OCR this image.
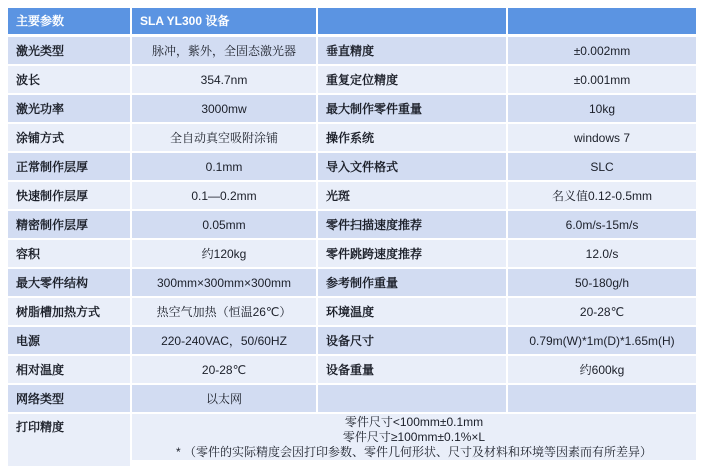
主要参数	SLA YL300 设备
激光类型	脉冲，紫外，全固态激光器	垂直精度	±0.002mm
波长	354.7nm	重复定位精度	±0.001mm
激光功率	3000mw	最大制作零件重量	10kg
涂铺方式	全自动真空吸附涂铺	操作系统	windows 7
正常制作层厚	0.1mm	导入文件格式	SLC
快速制作层厚	0.1—0.2mm	光斑	名义值0.12-0.5mm
精密制作层厚	0.05mm	零件扫描速度推荐	6.0m/s-15m/s
容积	约120kg	零件跳跨速度推荐	12.0/s
最大零件结构	300mm×300mm×300mm	参考制作重量	50-180g/h
树脂槽加热方式	热空气加热（恒温26℃）	环境温度	20-28℃
电源	220-240VAC，50/60HZ	设备尺寸	0.79m(W)*1m(D)*1.65m(H)
相对温度	20-28℃	设备重量	约600kg
网络类型	以太网
打印精度	零件尺寸<100mm±0.1mm
零件尺寸≥100mm±0.1%×L
* （零件的实际精度会因打印参数、零件几何形状、尺寸及材料和环境等因素而有所差异）
